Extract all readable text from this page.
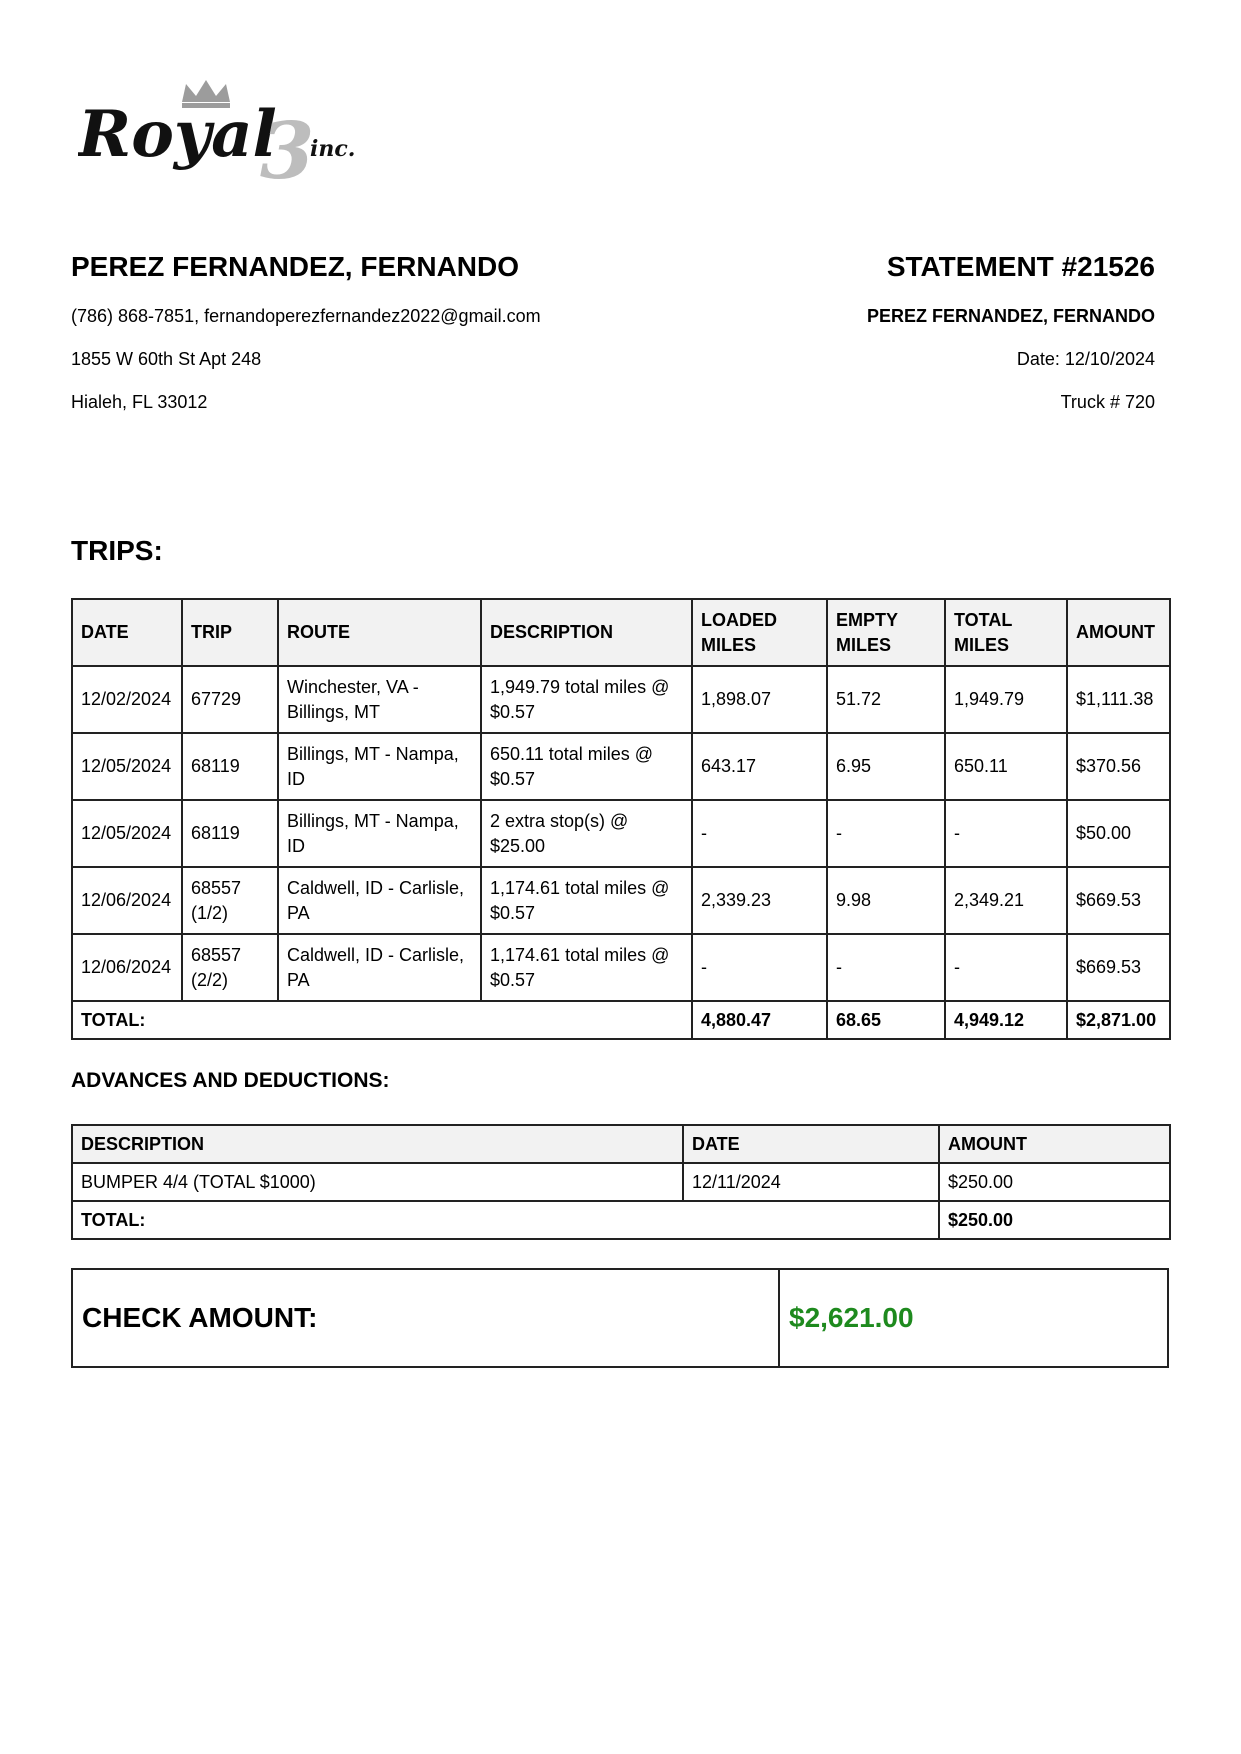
Royal
3
inc.
PEREZ FERNANDEZ, FERNANDO
(786) 868-7851, fernandoperezfernandez2022@gmail.com
1855 W 60th St Apt 248
Hialeh, FL 33012
STATEMENT #21526
PEREZ FERNANDEZ, FERNANDO
Date: 12/10/2024
Truck # 720
TRIPS:
DATE	TRIP	ROUTE	DESCRIPTION	LOADED MILES	EMPTY MILES	TOTAL MILES	AMOUNT
12/02/2024	67729	Winchester, VA - Billings, MT	1,949.79 total miles @ $0.57	1,898.07	51.72	1,949.79	$1,111.38
12/05/2024	68119	Billings, MT - Nampa, ID	650.11 total miles @ $0.57	643.17	6.95	650.11	$370.56
12/05/2024	68119	Billings, MT - Nampa, ID	2 extra stop(s) @ $25.00	-	-	-	$50.00
12/06/2024	68557 (1/2)	Caldwell, ID - Carlisle, PA	1,174.61 total miles @ $0.57	2,339.23	9.98	2,349.21	$669.53
12/06/2024	68557 (2/2)	Caldwell, ID - Carlisle, PA	1,174.61 total miles @ $0.57	-	-	-	$669.53
TOTAL:				4,880.47	68.65	4,949.12	$2,871.00
ADVANCES AND DEDUCTIONS:
DESCRIPTION	DATE	AMOUNT
BUMPER 4/4 (TOTAL $1000)	12/11/2024	$250.00
TOTAL:		$250.00
CHECK AMOUNT:	$2,621.00
